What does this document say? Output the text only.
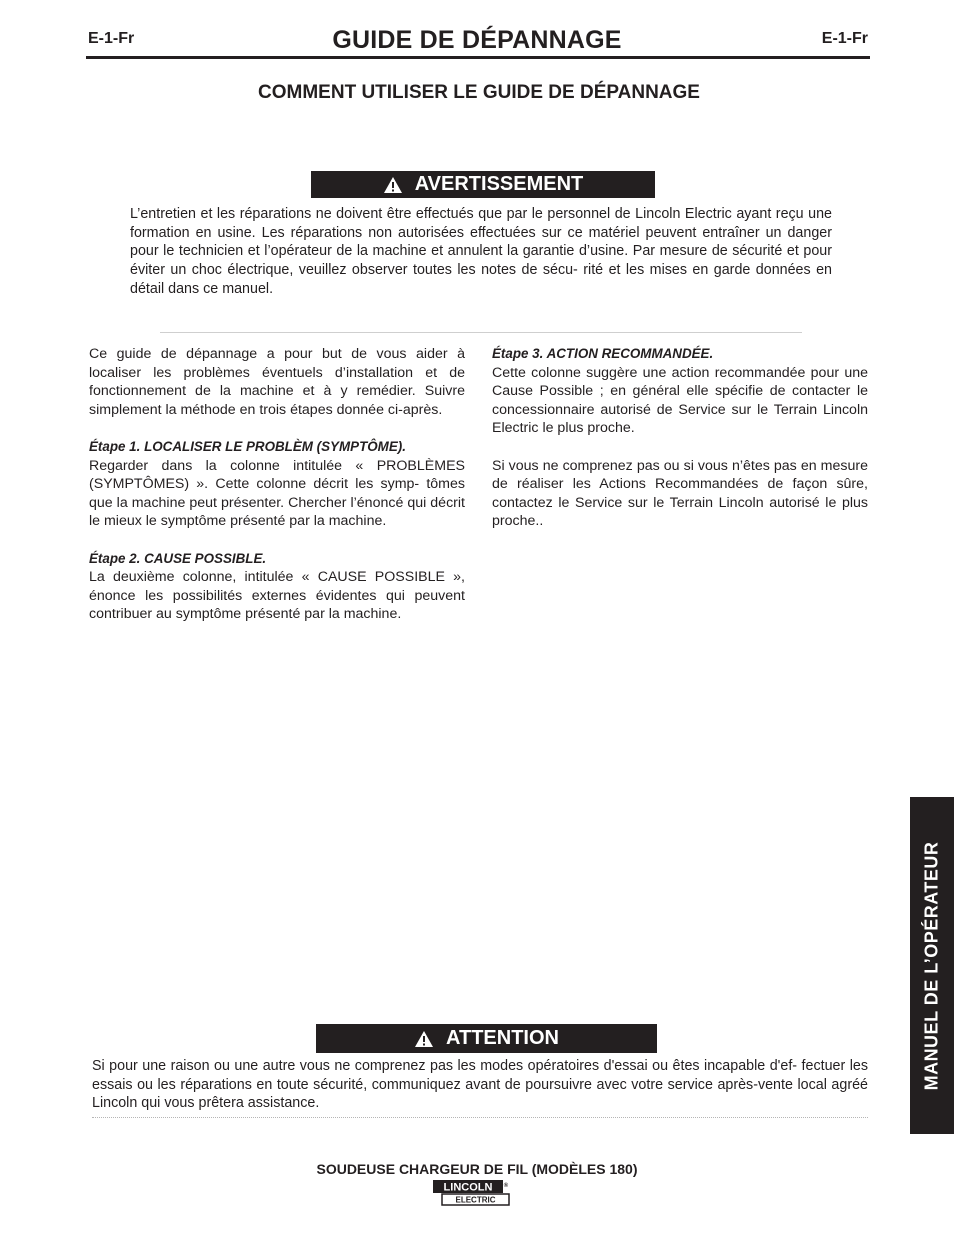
E-1-Fr	E-1-Fr
GUIDE DE DÉPANNAGE
COMMENT UTILISER LE GUIDE DE DÉPANNAGE
AVERTISSEMENT
L’entretien et les réparations ne doivent être effectués que par le personnel de Lincoln Electric ayant reçu une formation en usine. Les réparations non autorisées effectuées sur ce matériel peuvent entraîner un danger pour le technicien et l’opérateur de la machine et annulent la garantie d’usine. Par mesure de sécurité et pour éviter un choc électrique, veuillez observer toutes les notes de sécu- rité et les mises en garde données en détail dans ce manuel.

Ce guide de dépannage a pour but de vous aider à localiser les problèmes éventuels d’installation et de fonctionnement de la machine et à y remédier. Suivre simplement la méthode en trois étapes donnée ci-après.

Étape 1. LOCALISER LE PROBLÈM (SYMPTÔME).

Regarder dans la colonne intitulée « PROBLÈMES (SYMPTÔMES) ». Cette colonne décrit les symp- tômes que la machine peut présenter. Chercher l’énoncé qui décrit le mieux le symptôme présenté par la machine.

Étape 2. CAUSE POSSIBLE.

La deuxième colonne, intitulée « CAUSE POSSIBLE », énonce les possibilités externes évidentes qui peuvent contribuer au symptôme présenté par la machine.

Étape 3. ACTION RECOMMANDÉE.

Cette colonne suggère une action recommandée pour une Cause Possible ; en général elle spécifie de contacter le concessionnaire autorisé de Service sur le Terrain Lincoln Electric le plus proche.

Si vous ne comprenez pas ou si vous n’êtes pas en mesure de réaliser les Actions Recommandées de façon sûre, contactez le Service sur le Terrain Lincoln autorisé le plus proche..

ATTENTION
Si pour une raison ou une autre vous ne comprenez pas les modes opératoires d'essai ou êtes incapable d'ef- fectuer les essais ou les réparations en toute sécurité, communiquez avant de poursuivre avec votre service après-vente local agréé Lincoln qui vous prêtera assistance.
MANUEL DE L’OPÉRATEUR
SOUDEUSE CHARGEUR DE FIL (MODÈLES 180)
LINCOLN ®
ELECTRIC
